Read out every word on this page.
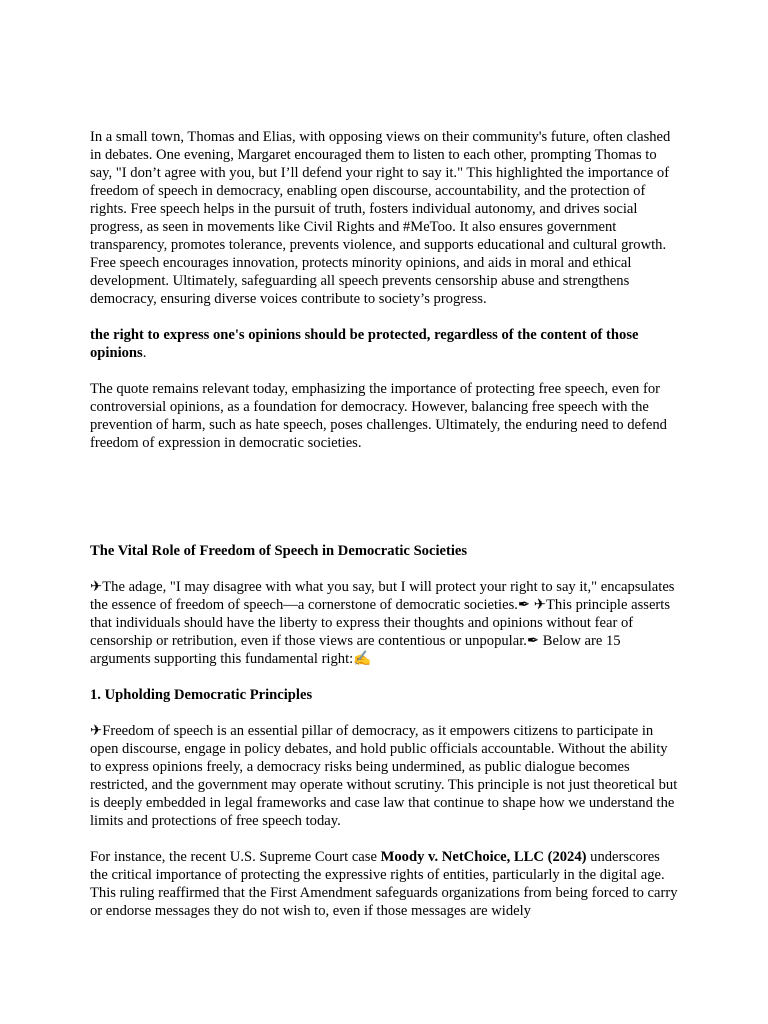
In a small town, Thomas and Elias, with opposing views on their community's future, often clashed in debates. One evening, Margaret encouraged them to listen to each other, prompting Thomas to say, "I don’t agree with you, but I’ll defend your right to say it." This highlighted the importance of freedom of speech in democracy, enabling open discourse, accountability, and the protection of rights. Free speech helps in the pursuit of truth, fosters individual autonomy, and drives social progress, as seen in movements like Civil Rights and #MeToo. It also ensures government transparency, promotes tolerance, prevents violence, and supports educational and cultural growth. Free speech encourages innovation, protects minority opinions, and aids in moral and ethical development. Ultimately, safeguarding all speech prevents censorship abuse and strengthens democracy, ensuring diverse voices contribute to society’s progress.

the right to express one's opinions should be protected, regardless of the content of those opinions.

The quote remains relevant today, emphasizing the importance of protecting free speech, even for controversial opinions, as a foundation for democracy. However, balancing free speech with the prevention of harm, such as hate speech, poses challenges. Ultimately, the enduring need to defend freedom of expression in democratic societies.

The Vital Role of Freedom of Speech in Democratic Societies

✈The adage, "I may disagree with what you say, but I will protect your right to say it," encapsulates the essence of freedom of speech—a cornerstone of democratic societies.✒ ✈This principle asserts that individuals should have the liberty to express their thoughts and opinions without fear of censorship or retribution, even if those views are contentious or unpopular.✒ Below are 15 arguments supporting this fundamental right:✍

1. Upholding Democratic Principles

✈Freedom of speech is an essential pillar of democracy, as it empowers citizens to participate in open discourse, engage in policy debates, and hold public officials accountable. Without the ability to express opinions freely, a democracy risks being undermined, as public dialogue becomes restricted, and the government may operate without scrutiny. This principle is not just theoretical but is deeply embedded in legal frameworks and case law that continue to shape how we understand the limits and protections of free speech today.

For instance, the recent U.S. Supreme Court case Moody v. NetChoice, LLC (2024) underscores the critical importance of protecting the expressive rights of entities, particularly in the digital age. This ruling reaffirmed that the First Amendment safeguards organizations from being forced to carry or endorse messages they do not wish to, even if those messages are widely
